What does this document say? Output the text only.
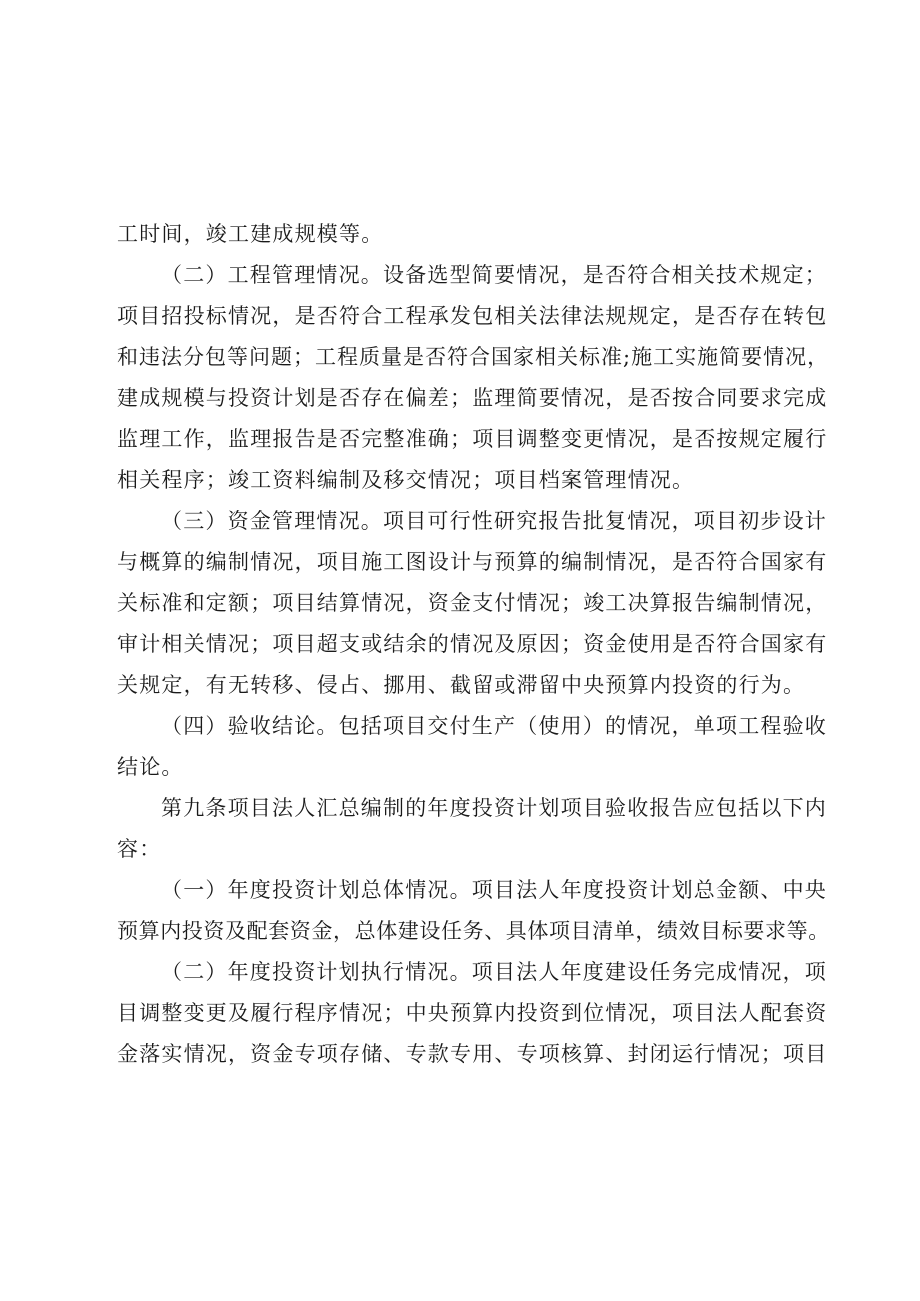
工时间，竣工建成规模等。
（二）工程管理情况。设备选型简要情况，是否符合相关技术规定；
项目招投标情况，是否符合工程承发包相关法律法规规定，是否存在转包
和违法分包等问题；工程质量是否符合国家相关标准;施工实施简要情况，
建成规模与投资计划是否存在偏差；监理简要情况，是否按合同要求完成
监理工作，监理报告是否完整准确；项目调整变更情况，是否按规定履行
相关程序；竣工资料编制及移交情况；项目档案管理情况。
（三）资金管理情况。项目可行性研究报告批复情况，项目初步设计
与概算的编制情况，项目施工图设计与预算的编制情况，是否符合国家有
关标准和定额；项目结算情况，资金支付情况；竣工决算报告编制情况，
审计相关情况；项目超支或结余的情况及原因；资金使用是否符合国家有
关规定，有无转移、侵占、挪用、截留或滞留中央预算内投资的行为。
（四）验收结论。包括项目交付生产（使用）的情况，单项工程验收
结论。
第九条项目法人汇总编制的年度投资计划项目验收报告应包括以下内
容：
（一）年度投资计划总体情况。项目法人年度投资计划总金额、中央
预算内投资及配套资金，总体建设任务、具体项目清单，绩效目标要求等。
（二）年度投资计划执行情况。项目法人年度建设任务完成情况，项
目调整变更及履行程序情况；中央预算内投资到位情况，项目法人配套资
金落实情况，资金专项存储、专款专用、专项核算、封闭运行情况；项目
